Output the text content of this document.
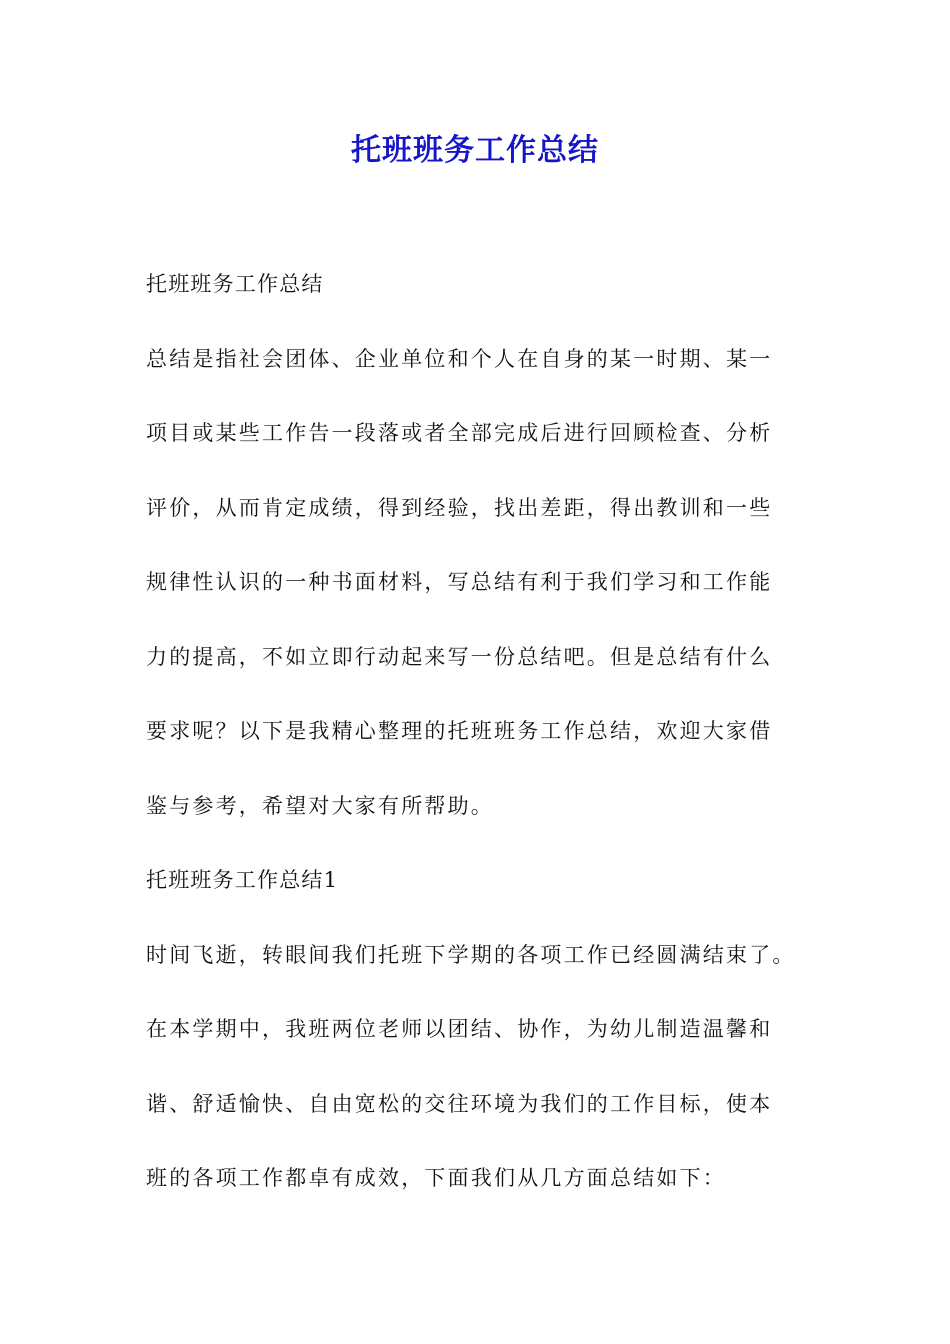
托班班务工作总结

托班班务工作总结

总结是指社会团体、企业单位和个人在自身的某一时期、某一

项目或某些工作告一段落或者全部完成后进行回顾检查、分析

评价，从而肯定成绩，得到经验，找出差距，得出教训和一些

规律性认识的一种书面材料，写总结有利于我们学习和工作能

力的提高，不如立即行动起来写一份总结吧。但是总结有什么

要求呢？以下是我精心整理的托班班务工作总结，欢迎大家借

鉴与参考，希望对大家有所帮助。

托班班务工作总结1

时间飞逝，转眼间我们托班下学期的各项工作已经圆满结束了。

在本学期中，我班两位老师以团结、协作，为幼儿制造温馨和

谐、舒适愉快、自由宽松的交往环境为我们的工作目标，使本

班的各项工作都卓有成效，下面我们从几方面总结如下：
